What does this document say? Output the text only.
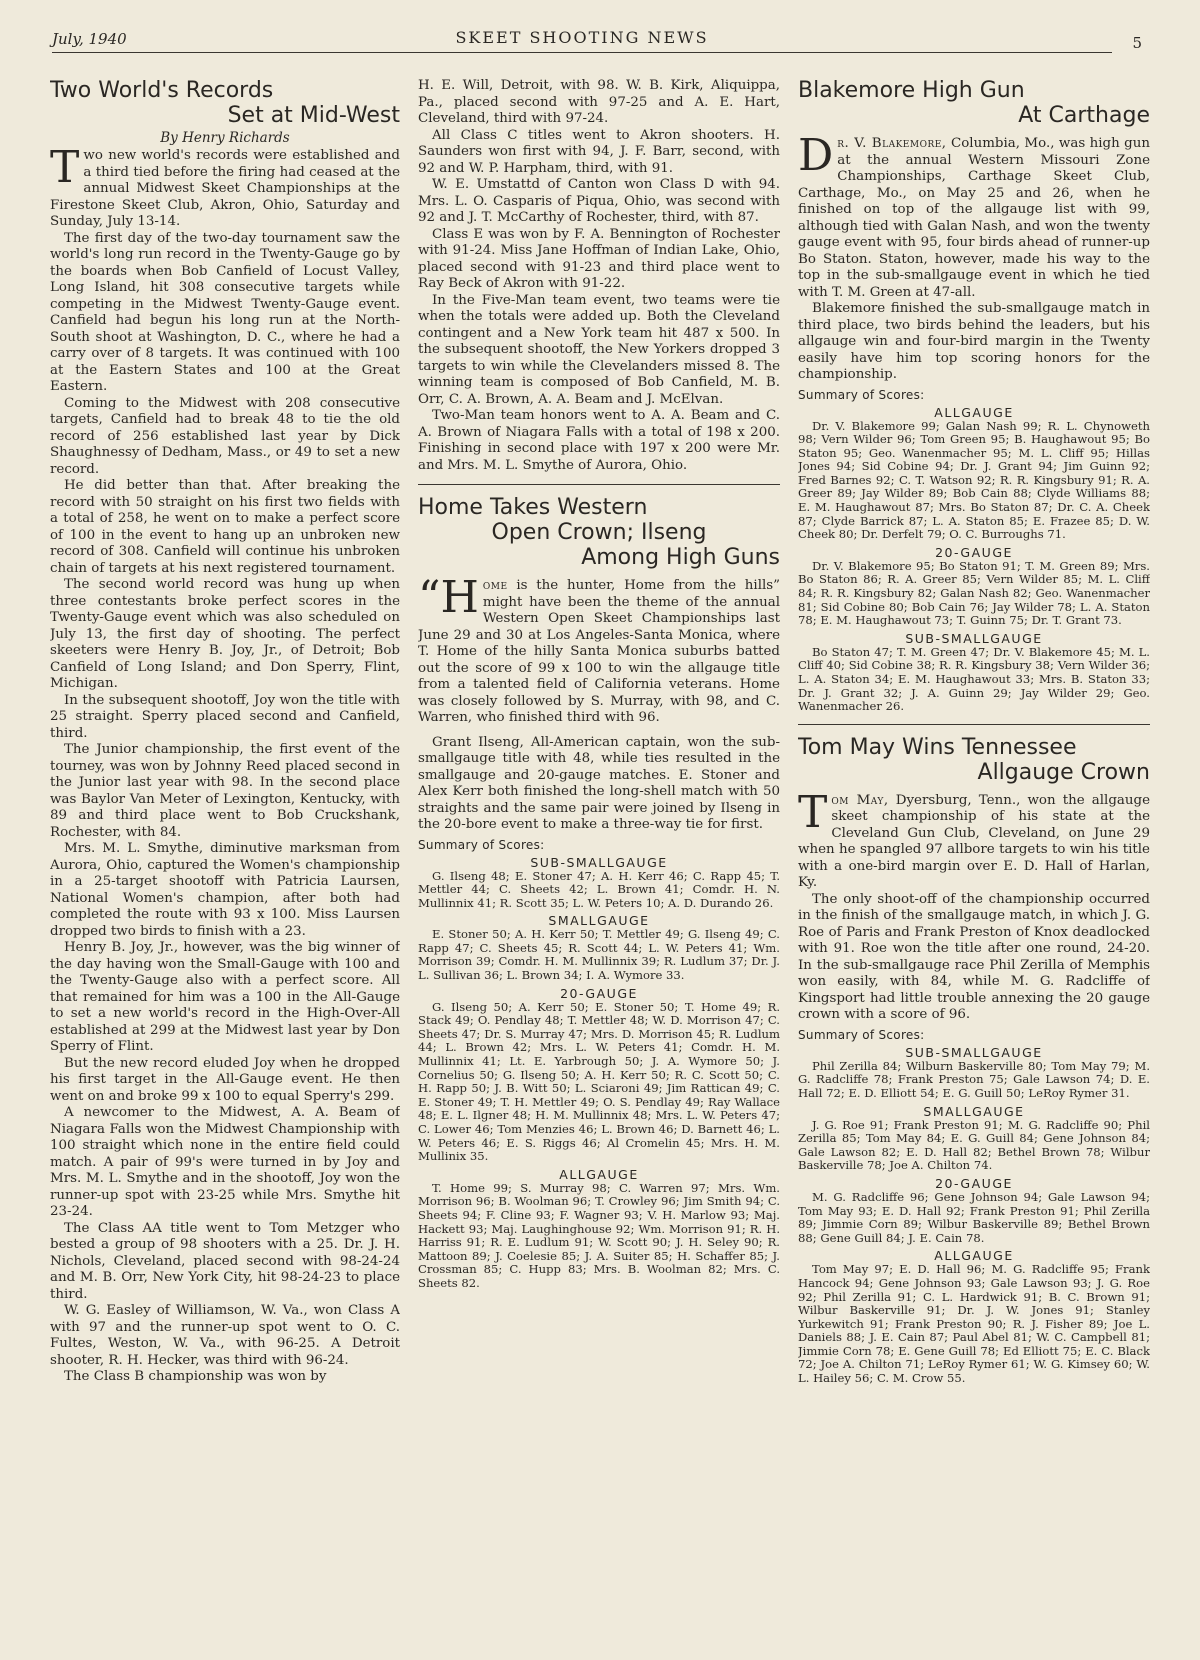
July, 1940	SKEET SHOOTING NEWS	5
Two World's Records
Set at Mid-West
By Henry Richards

Two new world's records were established and a third tied before the firing had ceased at the annual Midwest Skeet Championships at the Firestone Skeet Club, Akron, Ohio, Saturday and Sunday, July 13-14.

The first day of the two-day tournament saw the world's long run record in the Twenty-Gauge go by the boards when Bob Canfield of Locust Valley, Long Island, hit 308 consecutive targets while competing in the Midwest Twenty-Gauge event. Canfield had begun his long run at the North-South shoot at Washington, D. C., where he had a carry over of 8 targets. It was continued with 100 at the Eastern States and 100 at the Great Eastern.

Coming to the Midwest with 208 consecutive targets, Canfield had to break 48 to tie the old record of 256 established last year by Dick Shaughnessy of Dedham, Mass., or 49 to set a new record.

He did better than that. After breaking the record with 50 straight on his first two fields with a total of 258, he went on to make a perfect score of 100 in the event to hang up an unbroken new record of 308. Canfield will continue his unbroken chain of targets at his next registered tournament.

The second world record was hung up when three contestants broke perfect scores in the Twenty-Gauge event which was also scheduled on July 13, the first day of shooting. The perfect skeeters were Henry B. Joy, Jr., of Detroit; Bob Canfield of Long Island; and Don Sperry, Flint, Michigan.

In the subsequent shootoff, Joy won the title with 25 straight. Sperry placed second and Canfield, third.

The Junior championship, the first event of the tourney, was won by Johnny Reed placed second in the Junior last year with 98. In the second place was Baylor Van Meter of Lexington, Kentucky, with 89 and third place went to Bob Cruckshank, Rochester, with 84.

Mrs. M. L. Smythe, diminutive marksman from Aurora, Ohio, captured the Women's championship in a 25-target shootoff with Patricia Laursen, National Women's champion, after both had completed the route with 93 x 100. Miss Laursen dropped two birds to finish with a 23.

Henry B. Joy, Jr., however, was the big winner of the day having won the Small-Gauge with 100 and the Twenty-Gauge also with a perfect score. All that remained for him was a 100 in the All-Gauge to set a new world's record in the High-Over-All established at 299 at the Midwest last year by Don Sperry of Flint.

But the new record eluded Joy when he dropped his first target in the All-Gauge event. He then went on and broke 99 x 100 to equal Sperry's 299.

A newcomer to the Midwest, A. A. Beam of Niagara Falls won the Midwest Championship with 100 straight which none in the entire field could match. A pair of 99's were turned in by Joy and Mrs. M. L. Smythe and in the shootoff, Joy won the runner-up spot with 23-25 while Mrs. Smythe hit 23-24.

The Class AA title went to Tom Metzger who bested a group of 98 shooters with a 25. Dr. J. H. Nichols, Cleveland, placed second with 98-24-24 and M. B. Orr, New York City, hit 98-24-23 to place third.

W. G. Easley of Williamson, W. Va., won Class A with 97 and the runner-up spot went to O. C. Fultes, Weston, W. Va., with 96-25. A Detroit shooter, R. H. Hecker, was third with 96-24.

The Class B championship was won by

H. E. Will, Detroit, with 98. W. B. Kirk, Aliquippa, Pa., placed second with 97-25 and A. E. Hart, Cleveland, third with 97-24.

All Class C titles went to Akron shooters. H. Saunders won first with 94, J. F. Barr, second, with 92 and W. P. Harpham, third, with 91.

W. E. Umstattd of Canton won Class D with 94. Mrs. L. O. Casparis of Piqua, Ohio, was second with 92 and J. T. McCarthy of Rochester, third, with 87.

Class E was won by F. A. Bennington of Rochester with 91-24. Miss Jane Hoffman of Indian Lake, Ohio, placed second with 91-23 and third place went to Ray Beck of Akron with 91-22.

In the Five-Man team event, two teams were tie when the totals were added up. Both the Cleveland contingent and a New York team hit 487 x 500. In the subsequent shootoff, the New Yorkers dropped 3 targets to win while the Clevelanders missed 8. The winning team is composed of Bob Canfield, M. B. Orr, C. A. Brown, A. A. Beam and J. McElvan.

Two-Man team honors went to A. A. Beam and C. A. Brown of Niagara Falls with a total of 198 x 200. Finishing in second place with 197 x 200 were Mr. and Mrs. M. L. Smythe of Aurora, Ohio.

Home Takes Western
Open Crown; Ilseng
Among High Guns

“Home is the hunter, Home from the hills” might have been the theme of the annual Western Open Skeet Championships last June 29 and 30 at Los Angeles-Santa Monica, where T. Home of the hilly Santa Monica suburbs batted out the score of 99 x 100 to win the allgauge title from a talented field of California veterans. Home was closely followed by S. Murray, with 98, and C. Warren, who finished third with 96.

Grant Ilseng, All-American captain, won the sub-smallgauge title with 48, while ties resulted in the smallgauge and 20-gauge matches. E. Stoner and Alex Kerr both finished the long-shell match with 50 straights and the same pair were joined by Ilseng in the 20-bore event to make a three-way tie for first.

Summary of Scores:
SUB-SMALLGAUGE

G. Ilseng 48; E. Stoner 47; A. H. Kerr 46; C. Rapp 45; T. Mettler 44; C. Sheets 42; L. Brown 41; Comdr. H. N. Mullinnix 41; R. Scott 35; L. W. Peters 10; A. D. Durando 26.

SMALLGAUGE

E. Stoner 50; A. H. Kerr 50; T. Mettler 49; G. Ilseng 49; C. Rapp 47; C. Sheets 45; R. Scott 44; L. W. Peters 41; Wm. Morrison 39; Comdr. H. M. Mullinnix 39; R. Ludlum 37; Dr. J. L. Sullivan 36; L. Brown 34; I. A. Wymore 33.

20-GAUGE

G. Ilseng 50; A. Kerr 50; E. Stoner 50; T. Home 49; R. Stack 49; O. Pendlay 48; T. Mettler 48; W. D. Morrison 47; C. Sheets 47; Dr. S. Murray 47; Mrs. D. Morrison 45; R. Ludlum 44; L. Brown 42; Mrs. L. W. Peters 41; Comdr. H. M. Mullinnix 41; Lt. E. Yarbrough 50; J. A. Wymore 50; J. Cornelius 50; G. Ilseng 50; A. H. Kerr 50; R. C. Scott 50; C. H. Rapp 50; J. B. Witt 50; L. Sciaroni 49; Jim Rattican 49; C. E. Stoner 49; T. H. Mettler 49; O. S. Pendlay 49; Ray Wallace 48; E. L. Ilgner 48; H. M. Mullinnix 48; Mrs. L. W. Peters 47; C. Lower 46; Tom Menzies 46; L. Brown 46; D. Barnett 46; L. W. Peters 46; E. S. Riggs 46; Al Cromelin 45; Mrs. H. M. Mullinix 35.

ALLGAUGE

T. Home 99; S. Murray 98; C. Warren 97; Mrs. Wm. Morrison 96; B. Woolman 96; T. Crowley 96; Jim Smith 94; C. Sheets 94; F. Cline 93; F. Wagner 93; V. H. Marlow 93; Maj. Hackett 93; Maj. Laughinghouse 92; Wm. Morrison 91; R. H. Harriss 91; R. E. Ludlum 91; W. Scott 90; J. H. Seley 90; R. Mattoon 89; J. Coelesie 85; J. A. Suiter 85; H. Schaffer 85; J. Crossman 85; C. Hupp 83; Mrs. B. Woolman 82; Mrs. C. Sheets 82.

Blakemore High Gun
At Carthage

Dr. V. Blakemore, Columbia, Mo., was high gun at the annual Western Missouri Zone Championships, Carthage Skeet Club, Carthage, Mo., on May 25 and 26, when he finished on top of the allgauge list with 99, although tied with Galan Nash, and won the twenty gauge event with 95, four birds ahead of runner-up Bo Staton. Staton, however, made his way to the top in the sub-smallgauge event in which he tied with T. M. Green at 47-all.

Blakemore finished the sub-smallgauge match in third place, two birds behind the leaders, but his allgauge win and four-bird margin in the Twenty easily have him top scoring honors for the championship.

Summary of Scores:
ALLGAUGE

Dr. V. Blakemore 99; Galan Nash 99; R. L. Chynoweth 98; Vern Wilder 96; Tom Green 95; B. Haughawout 95; Bo Staton 95; Geo. Wanenmacher 95; M. L. Cliff 95; Hillas Jones 94; Sid Cobine 94; Dr. J. Grant 94; Jim Guinn 92; Fred Barnes 92; C. T. Watson 92; R. R. Kingsbury 91; R. A. Greer 89; Jay Wilder 89; Bob Cain 88; Clyde Williams 88; E. M. Haughawout 87; Mrs. Bo Staton 87; Dr. C. A. Cheek 87; Clyde Barrick 87; L. A. Staton 85; E. Frazee 85; D. W. Cheek 80; Dr. Derfelt 79; O. C. Burroughs 71.

20-GAUGE

Dr. V. Blakemore 95; Bo Staton 91; T. M. Green 89; Mrs. Bo Staton 86; R. A. Greer 85; Vern Wilder 85; M. L. Cliff 84; R. R. Kingsbury 82; Galan Nash 82; Geo. Wanenmacher 81; Sid Cobine 80; Bob Cain 76; Jay Wilder 78; L. A. Staton 78; E. M. Haughawout 73; T. Guinn 75; Dr. T. Grant 73.

SUB-SMALLGAUGE

Bo Staton 47; T. M. Green 47; Dr. V. Blakemore 45; M. L. Cliff 40; Sid Cobine 38; R. R. Kingsbury 38; Vern Wilder 36; L. A. Staton 34; E. M. Haughawout 33; Mrs. B. Staton 33; Dr. J. Grant 32; J. A. Guinn 29; Jay Wilder 29; Geo. Wanenmacher 26.

Tom May Wins Tennessee
Allgauge Crown

Tom May, Dyersburg, Tenn., won the allgauge skeet championship of his state at the Cleveland Gun Club, Cleveland, on June 29 when he spangled 97 allbore targets to win his title with a one-bird margin over E. D. Hall of Harlan, Ky.

The only shoot-off of the championship occurred in the finish of the smallgauge match, in which J. G. Roe of Paris and Frank Preston of Knox deadlocked with 91. Roe won the title after one round, 24-20. In the sub-smallgauge race Phil Zerilla of Memphis won easily, with 84, while M. G. Radcliffe of Kingsport had little trouble annexing the 20 gauge crown with a score of 96.

Summary of Scores:
SUB-SMALLGAUGE

Phil Zerilla 84; Wilburn Baskerville 80; Tom May 79; M. G. Radcliffe 78; Frank Preston 75; Gale Lawson 74; D. E. Hall 72; E. D. Elliott 54; E. G. Guill 50; LeRoy Rymer 31.

SMALLGAUGE

J. G. Roe 91; Frank Preston 91; M. G. Radcliffe 90; Phil Zerilla 85; Tom May 84; E. G. Guill 84; Gene Johnson 84; Gale Lawson 82; E. D. Hall 82; Bethel Brown 78; Wilbur Baskerville 78; Joe A. Chilton 74.

20-GAUGE

M. G. Radcliffe 96; Gene Johnson 94; Gale Lawson 94; Tom May 93; E. D. Hall 92; Frank Preston 91; Phil Zerilla 89; Jimmie Corn 89; Wilbur Baskerville 89; Bethel Brown 88; Gene Guill 84; J. E. Cain 78.

ALLGAUGE

Tom May 97; E. D. Hall 96; M. G. Radcliffe 95; Frank Hancock 94; Gene Johnson 93; Gale Lawson 93; J. G. Roe 92; Phil Zerilla 91; C. L. Hardwick 91; B. C. Brown 91; Wilbur Baskerville 91; Dr. J. W. Jones 91; Stanley Yurkewitch 91; Frank Preston 90; R. J. Fisher 89; Joe L. Daniels 88; J. E. Cain 87; Paul Abel 81; W. C. Campbell 81; Jimmie Corn 78; E. Gene Guill 78; Ed Elliott 75; E. C. Black 72; Joe A. Chilton 71; LeRoy Rymer 61; W. G. Kimsey 60; W. L. Hailey 56; C. M. Crow 55.
